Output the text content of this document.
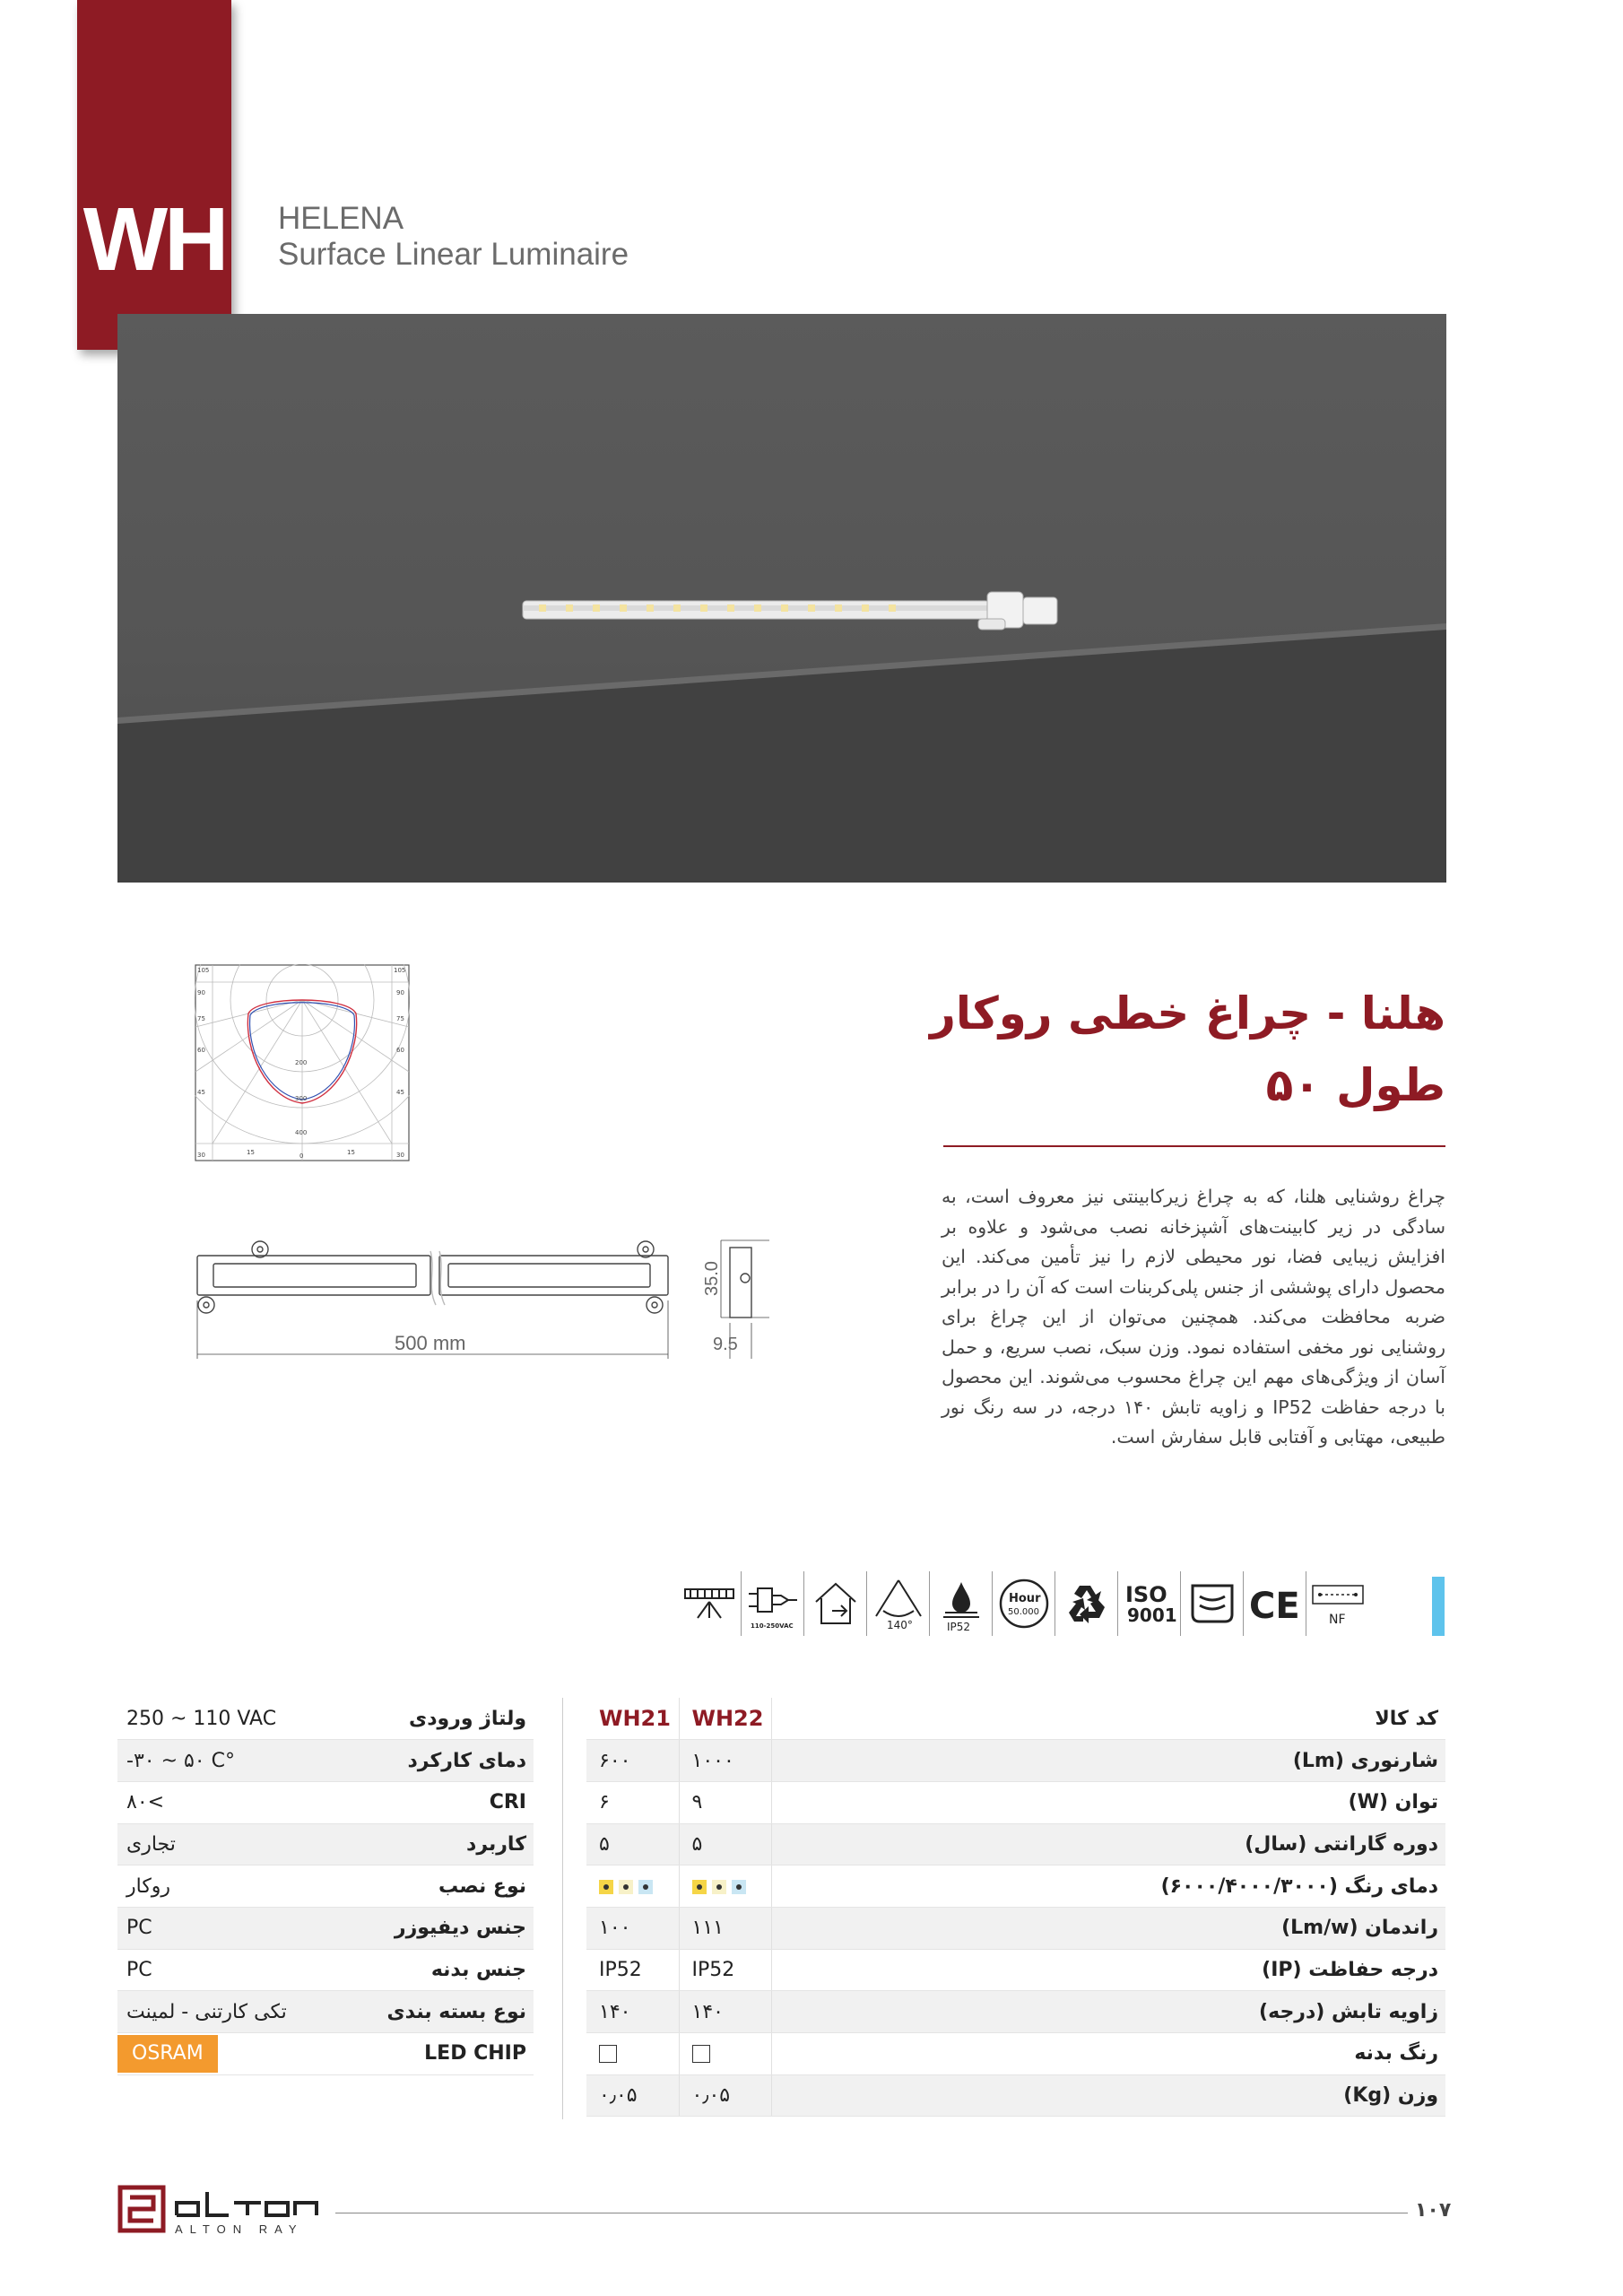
WH HELENA
Surface Linear Luminaire
105	105
90
75
60
45
30
90
75
60
45
30
200
300
400
15	0	15
500 mm
35.0
9.5
هلنا - چراغ خطی روکار
طول ۵۰
چراغ روشنایی هلنا، که به چراغ زیرکابینتی نیز معروف است، به سادگی در زیر کابینت‌های آشپزخانه نصب می‌شود و علاوه بر افزایش زیبایی فضا، نور محیطی لازم را نیز تأمین می‌کند. این محصول دارای پوششی از جنس پلی‌کربنات است که آن را در برابر ضربه محافظت می‌کند. همچنین می‌توان از این چراغ برای روشنایی نور مخفی استفاده نمود. وزن سبک، نصب سریع، و حمل آسان از ویژگی‌های مهم این چراغ محسوب می‌شوند. این محصول با درجه حفاظت IP52 و زاویه تابش ۱۴۰ درجه، در سه رنگ نور طبیعی، مهتابی و آفتابی قابل سفارش است.
110-250VAC	140°	IP52
Hour
50.000
ISO
9001 CE NF
250 ~ 110 VAC	ولتاژ ورودی
-۳۰ ~ ۵۰ C°	دمای کارکرد
۸۰<	CRI
تجاری	کاربرد
روکار	نوع نصب
PC	جنس دیفیوزر
PC	جنس بدنه
تکی کارتنی - لمینت	نوع بسته بندی
OSRAM	LED CHIP
WH21	WH22	کد کالا
۶۰۰	۱۰۰۰	شارنوری (Lm)
۶	۹	توان (W)
۵	۵	دوره گارانتی (سال)
		دمای رنگ (۶۰۰۰/۴۰۰۰/۳۰۰۰)
۱۰۰	۱۱۱	راندمان (Lm/w)
IP52	IP52	درجه حفاظت (IP)
۱۴۰	۱۴۰	زاویه تابش (درجه)
		رنگ بدنه
۰٫۰۵	۰٫۰۵	وزن (Kg)
ALTON RAY
۱۰۷
